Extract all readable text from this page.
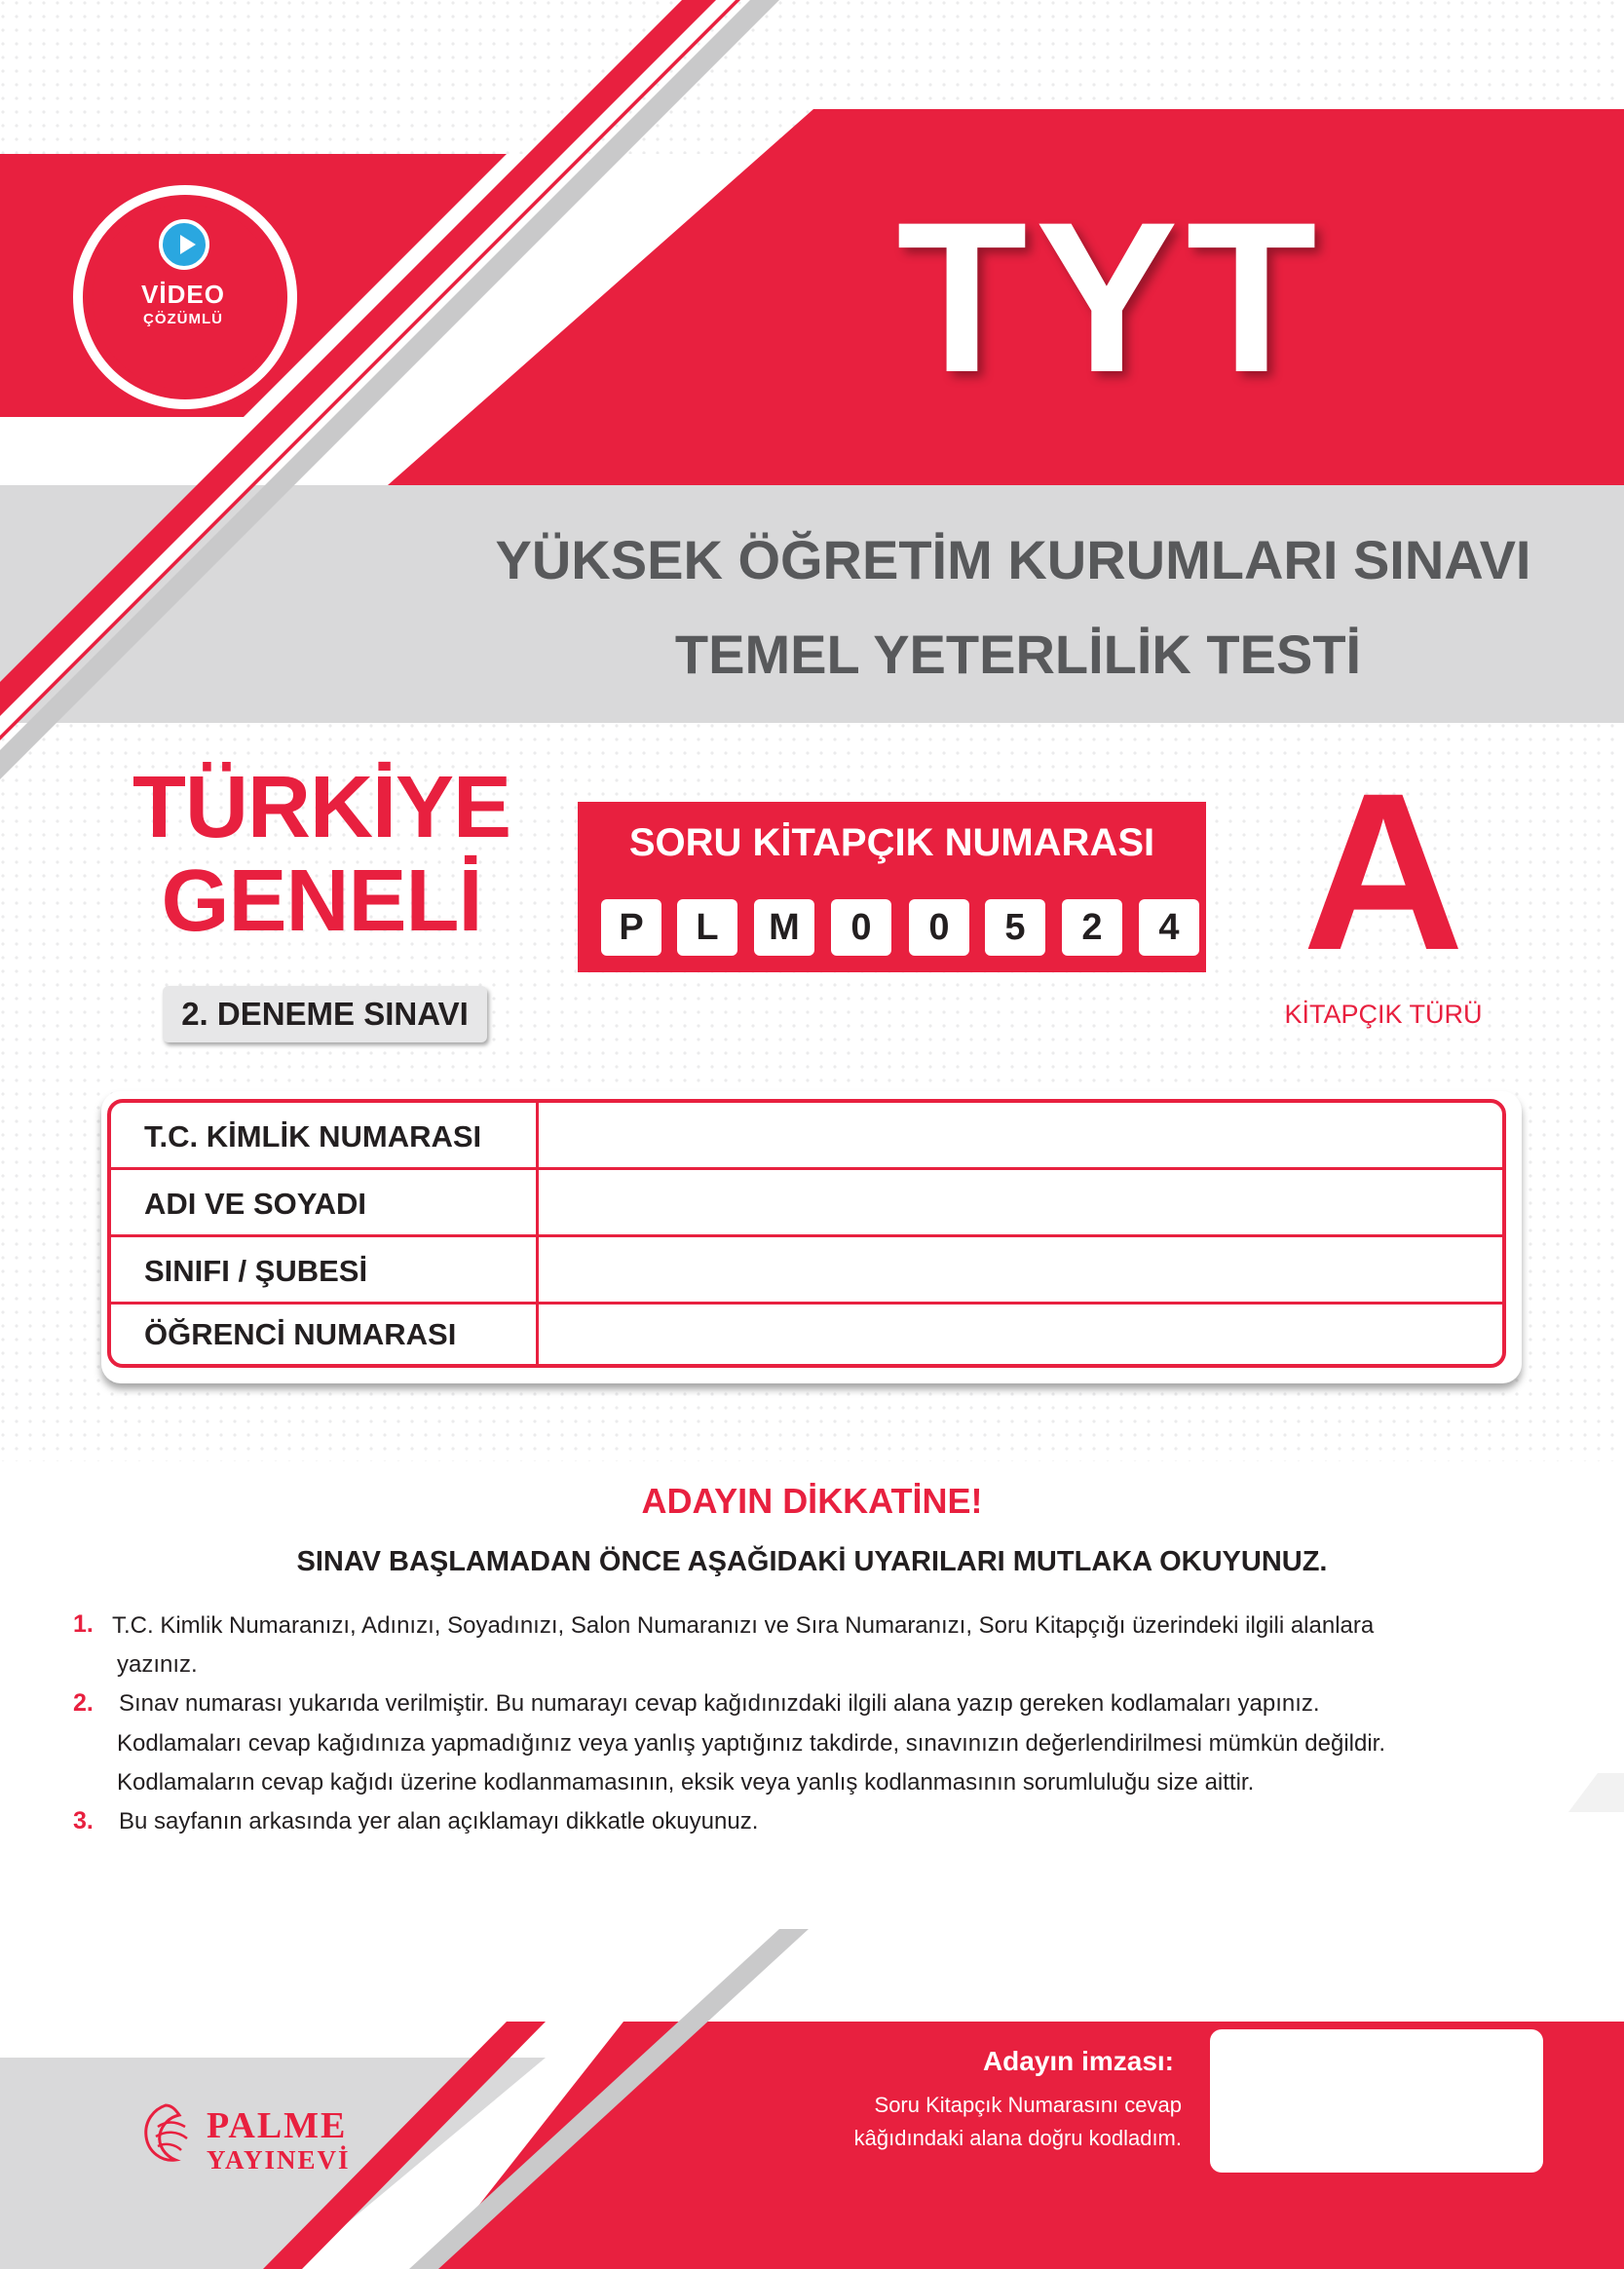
VİDEO
ÇÖZÜMLÜ	TYT
YÜKSEK ÖĞRETİM KURUMLARI SINAVI
TEMEL YETERLİLİK TESTİ
TÜRKİYE
GENELİ
2. DENEME SINAVI
SORU KİTAPÇIK NUMARASI
P	L	M	0	0	5	2	4 A
KİTAPÇIK TÜRÜ
T.C. KİMLİK NUMARASI
ADI VE SOYADI
SINIFI / ŞUBESİ
ÖĞRENCİ NUMARASI
ADAYIN DİKKATİNE!
SINAV BAŞLAMADAN ÖNCE AŞAĞIDAKİ UYARILARI MUTLAKA OKUYUNUZ.
1. T.C. Kimlik Numaranızı, Adınızı, Soyadınızı, Salon Numaranızı ve Sıra Numaranızı, Soru Kitapçığı üzerindeki ilgili alanlara
yazınız.
2. Sınav numarası yukarıda verilmiştir. Bu numarayı cevap kağıdınızdaki ilgili alana yazıp gereken kodlamaları yapınız.
Kodlamaları cevap kağıdınıza yapmadığınız veya yanlış yaptığınız takdirde, sınavınızın değerlendirilmesi mümkün değildir.
Kodlamaların cevap kağıdı üzerine kodlanmamasının, eksik veya yanlış kodlanmasının sorumluluğu size aittir.
3. Bu sayfanın arkasında yer alan açıklamayı dikkatle okuyunuz.
PALME
YAYINEVİ
Adayın imzası:
Soru Kitapçık Numarasını cevap
kâğıdındaki alana doğru kodladım.
